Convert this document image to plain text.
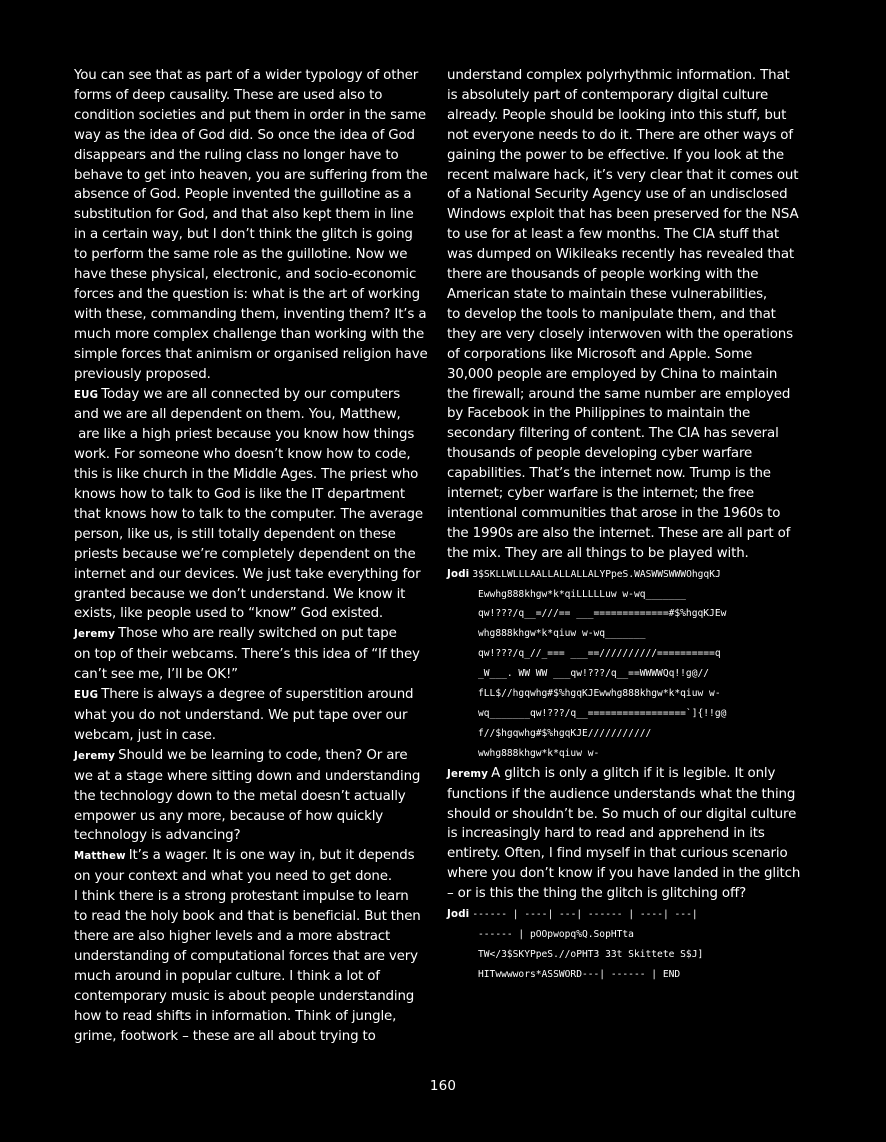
You can see that as part of a wider typology of other
forms of deep causality. These are used also to
condition societies and put them in order in the same
way as the idea of God did. So once the idea of God
disappears and the ruling class no longer have to
behave to get into heaven, you are suffering from the
absence of God. People invented the guillotine as a
substitution for God, and that also kept them in line
in a certain way, but I don’t think the glitch is going
to perform the same role as the guillotine. Now we
have these physical, electronic, and socio-economic
forces and the question is: what is the art of working
with these, commanding them, inventing them? It’s a
much more complex challenge than working with the
simple forces that animism or organised religion have
previously proposed.
EUG Today we are all connected by our computers
and we are all dependent on them. You, Matthew,
are like a high priest because you know how things
work. For someone who doesn’t know how to code,
this is like church in the Middle Ages. The priest who
knows how to talk to God is like the IT department
that knows how to talk to the computer. The average
person, like us, is still totally dependent on these
priests because we’re completely dependent on the
internet and our devices. We just take everything for
granted because we don’t understand. We know it
exists, like people used to “know” God existed.
Jeremy Those who are really switched on put tape
on top of their webcams. There’s this idea of “If they
can’t see me, I’ll be OK!”
EUG There is always a degree of superstition around
what you do not understand. We put tape over our
webcam, just in case.
Jeremy Should we be learning to code, then? Or are
we at a stage where sitting down and understanding
the technology down to the metal doesn’t actually
empower us any more, because of how quickly
technology is advancing?
Matthew It’s a wager. It is one way in, but it depends
on your context and what you need to get done.
I think there is a strong protestant impulse to learn
to read the holy book and that is beneficial. But then
there are also higher levels and a more abstract
understanding of computational forces that are very
much around in popular culture. I think a lot of
contemporary music is about people understanding
how to read shifts in information. Think of jungle,
grime, footwork – these are all about trying to
understand complex polyrhythmic information. That
is absolutely part of contemporary digital culture
already. People should be looking into this stuff, but
not everyone needs to do it. There are other ways of
gaining the power to be effective. If you look at the
recent malware hack, it’s very clear that it comes out
of a National Security Agency use of an undisclosed
Windows exploit that has been preserved for the NSA
to use for at least a few months. The CIA stuff that
was dumped on Wikileaks recently has revealed that
there are thousands of people working with the
American state to maintain these vulnerabilities,
to develop the tools to manipulate them, and that
they are very closely interwoven with the operations
of corporations like Microsoft and Apple. Some
30,000 people are employed by China to maintain
the firewall; around the same number are employed
by Facebook in the Philippines to maintain the
secondary filtering of content. The CIA has several
thousands of people developing cyber warfare
capabilities. That’s the internet now. Trump is the
internet; cyber warfare is the internet; the free
intentional communities that arose in the 1960s to
the 1990s are also the internet. These are all part of
the mix. They are all things to be played with.
Jodi 3$SKLLWLLLAALLALLALLALYPpeS.WASWWSWWWOhgqKJ
Ewwhg888khgw*k*qiLLLLLuw w-wq_______
qw!???/q__=///== ___=============#$%hgqKJEw
whg888khgw*k*qiuw w-wq_______
qw!???/q_//_=== ___==//////////==========q
_W___. WW WW ___qw!???/q__==WWWWQq!!g@//
fLL$//hgqwhg#$%hgqKJEwwhg888khgw*k*qiuw w-
wq_______qw!???/q__=================`]{!!g@
f//$hgqwhg#$%hgqKJE///////////
wwhg888khgw*k*qiuw w-
Jeremy A glitch is only a glitch if it is legible. It only
functions if the audience understands what the thing
should or shouldn’t be. So much of our digital culture
is increasingly hard to read and apprehend in its
entirety. Often, I find myself in that curious scenario
where you don’t know if you have landed in the glitch
– or is this the thing the glitch is glitching off?
Jodi ------ | ----| ---| ------ | ----| ---|
------ | pOOpwopq%Q.SopHTta
TW</3$SKYPpeS.//oPHT3 33t Skittete S$J]
HITwwwwors*ASSWORD---| ------ | END
160
